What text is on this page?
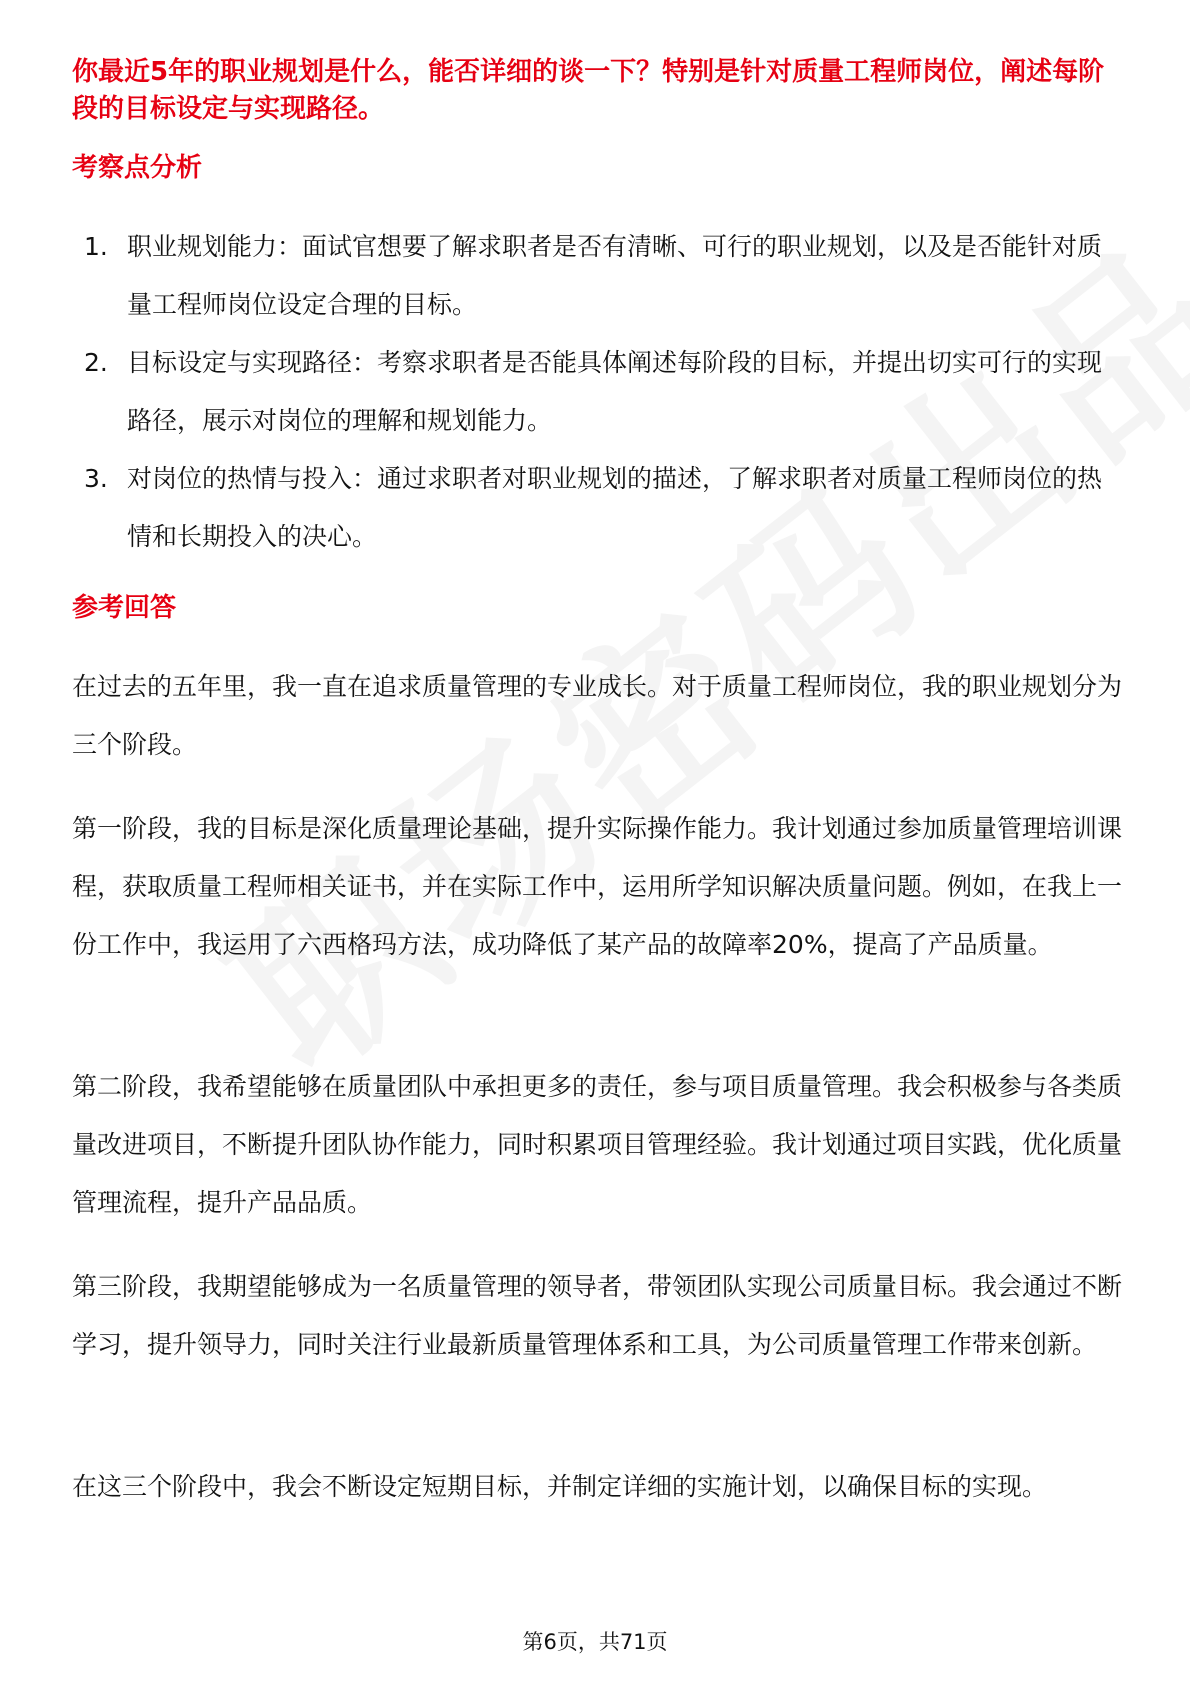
你最近5年的职业规划是什么，能否详细的谈一下？特别是针对质量工程师岗位，阐述每阶段的目标设定与实现路径。
考察点分析
1. 职业规划能力：面试官想要了解求职者是否有清晰、可行的职业规划，以及是否能针对质量工程师岗位设定合理的目标。
2. 目标设定与实现路径：考察求职者是否能具体阐述每阶段的目标，并提出切实可行的实现路径，展示对岗位的理解和规划能力。
3. 对岗位的热情与投入：通过求职者对职业规划的描述，了解求职者对质量工程师岗位的热情和长期投入的决心。
参考回答

在过去的五年里，我一直在追求质量管理的专业成长。对于质量工程师岗位，我的职业规划分为三个阶段。

第一阶段，我的目标是深化质量理论基础，提升实际操作能力。我计划通过参加质量管理培训课程，获取质量工程师相关证书，并在实际工作中，运用所学知识解决质量问题。例如，在我上一份工作中，我运用了六西格玛方法，成功降低了某产品的故障率20%，提高了产品质量。

第二阶段，我希望能够在质量团队中承担更多的责任，参与项目质量管理。我会积极参与各类质量改进项目，不断提升团队协作能力，同时积累项目管理经验。我计划通过项目实践，优化质量管理流程，提升产品品质。

第三阶段，我期望能够成为一名质量管理的领导者，带领团队实现公司质量目标。我会通过不断学习，提升领导力，同时关注行业最新质量管理体系和工具，为公司质量管理工作带来创新。

在这三个阶段中，我会不断设定短期目标，并制定详细的实施计划，以确保目标的实现。

第6页，共71页
